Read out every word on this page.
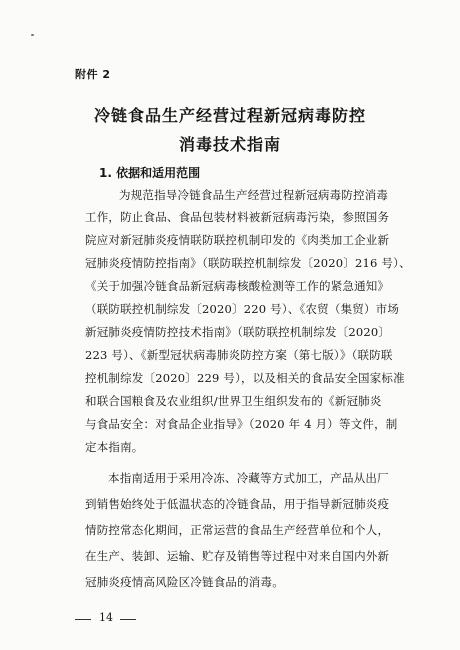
附件 2
冷链食品生产经营过程新冠病毒防控
消毒技术指南
1. 依据和适用范围
为规范指导冷链食品生产经营过程新冠病毒防控消毒
工作，防止食品、食品包装材料被新冠病毒污染，参照国务
院应对新冠肺炎疫情联防联控机制印发的《肉类加工企业新
冠肺炎疫情防控指南》（联防联控机制综发〔2020〕216 号）、
《关于加强冷链食品新冠病毒核酸检测等工作的紧急通知》
（联防联控机制综发〔2020〕220 号）、《农贸（集贸）市场
新冠肺炎疫情防控技术指南》（联防联控机制综发〔2020〕
223 号）、《新型冠状病毒肺炎防控方案（第七版）》（联防联
控机制综发〔2020〕229 号），以及相关的食品安全国家标准
和联合国粮食及农业组织/世界卫生组织发布的《新冠肺炎
与食品安全：对食品企业指导》（2020 年 4 月）等文件，制
定本指南。
本指南适用于采用冷冻、冷藏等方式加工，产品从出厂
到销售始终处于低温状态的冷链食品，用于指导新冠肺炎疫
情防控常态化期间，正常运营的食品生产经营单位和个人，
在生产、装卸、运输、贮存及销售等过程中对来自国内外新
冠肺炎疫情高风险区冷链食品的消毒。
14
